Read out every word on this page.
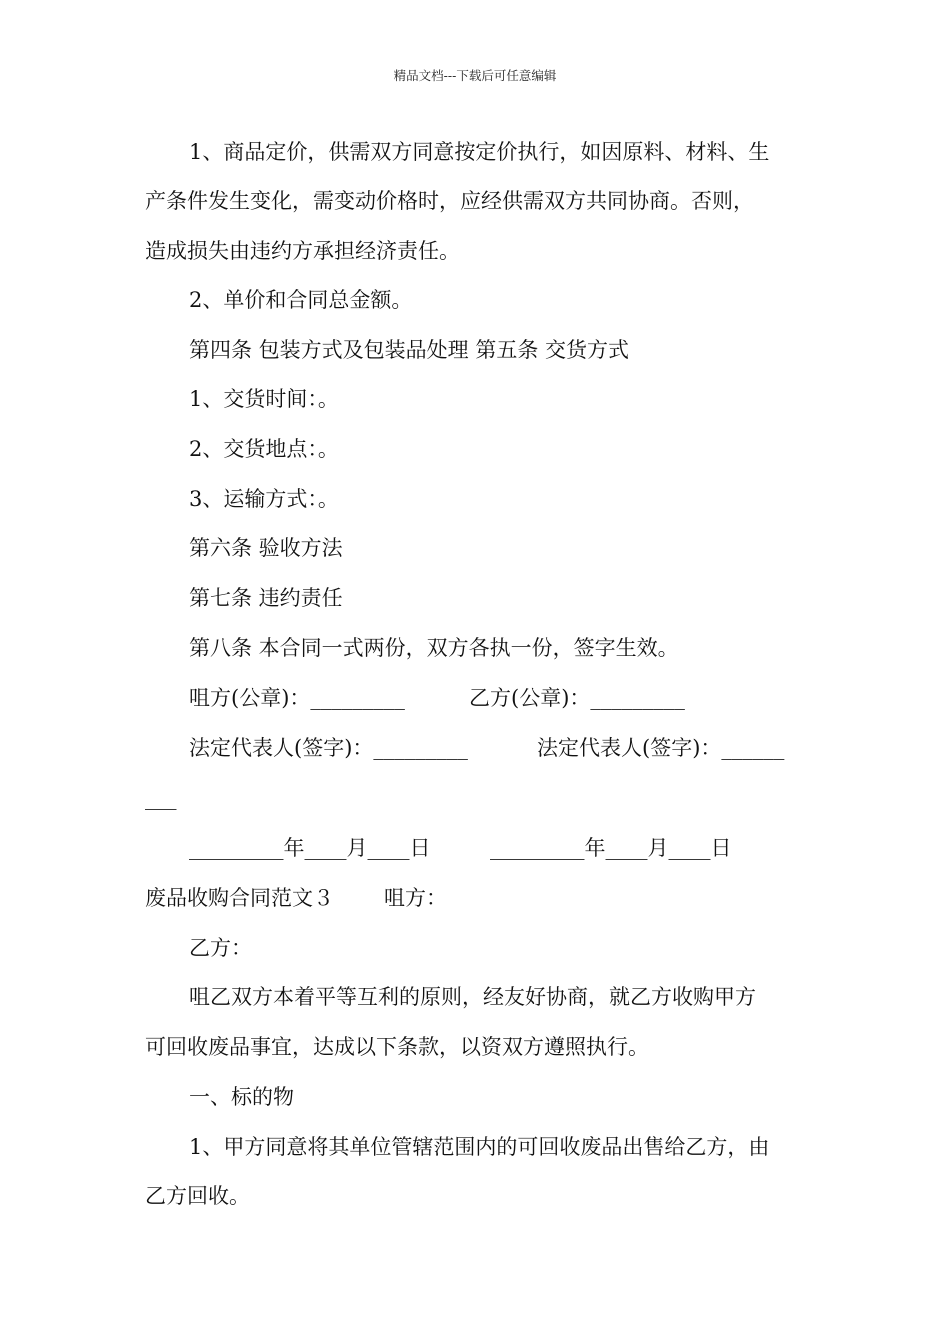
精品文档---下载后可任意编辑
1、商品定价，供需双方同意按定价执行，如因原料、材料、生
产条件发生变化，需变动价格时，应经供需双方共同协商。否则，
造成损失由违约方承担经济责任。
2、单价和合同总金额。
第四条 包装方式及包装品处理 第五条 交货方式
1、交货时间：。
2、交货地点：。
3、运输方式：。
第六条 验收方法
第七条 违约责任
第八条 本合同一式两份，双方各执一份，签字生效。
咀方(公章)：_________	乙方(公章)：_________
法定代表人(签字)：_________	法定代表人(签字)：______
___
_________年____月____日	_________年____月____日
废品收购合同范文３ 咀方：
乙方：
咀乙双方本着平等互利的原则，经友好协商，就乙方收购甲方
可回收废品事宜，达成以下条款，以资双方遵照执行。
一、标的物
1、甲方同意将其单位管辖范围内的可回收废品出售给乙方，由
乙方回收。
